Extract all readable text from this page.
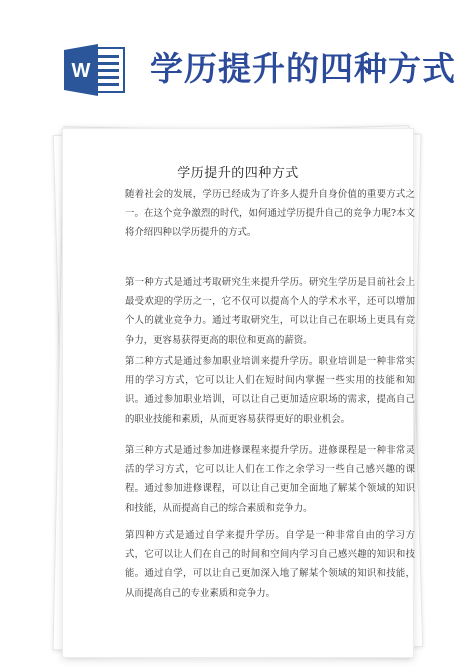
W 学历提升的四种方式
学历提升的四种方式
随着社会的发展，学历已经成为了许多人提升自身价值的重要方式之一。在这个竞争激烈的时代，如何通过学历提升自己的竞争力呢?本文将介绍四种以学历提升的方式。
第一种方式是通过考取研究生来提升学历。研究生学历是目前社会上最受欢迎的学历之一，它不仅可以提高个人的学术水平，还可以增加个人的就业竞争力。通过考取研究生，可以让自己在职场上更具有竞争力，更容易获得更高的职位和更高的薪资。
第二种方式是通过参加职业培训来提升学历。职业培训是一种非常实用的学习方式，它可以让人们在短时间内掌握一些实用的技能和知识。通过参加职业培训，可以让自己更加适应职场的需求，提高自己的职业技能和素质，从而更容易获得更好的职业机会。
第三种方式是通过参加进修课程来提升学历。进修课程是一种非常灵活的学习方式，它可以让人们在工作之余学习一些自己感兴趣的课程。通过参加进修课程，可以让自己更加全面地了解某个领域的知识和技能，从而提高自己的综合素质和竞争力。
第四种方式是通过自学来提升学历。自学是一种非常自由的学习方式，它可以让人们在自己的时间和空间内学习自己感兴趣的知识和技能。通过自学，可以让自己更加深入地了解某个领域的知识和技能，从而提高自己的专业素质和竞争力。
